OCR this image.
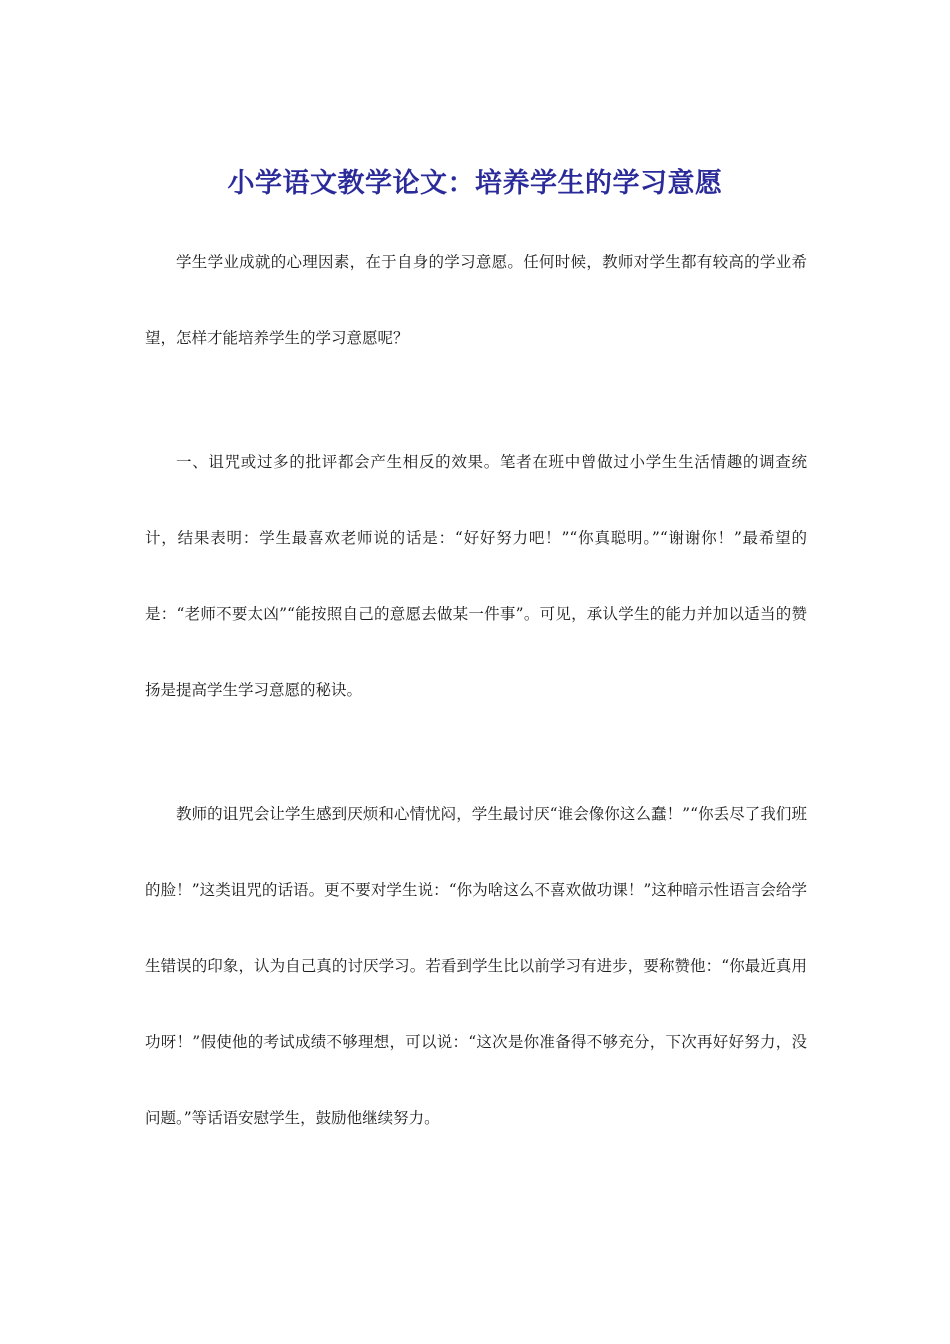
小学语文教学论文：培养学生的学习意愿

学生学业成就的心理因素，在于自身的学习意愿。任何时候，教师对学生都有较高的学业希望，怎样才能培养学生的学习意愿呢？

一、诅咒或过多的批评都会产生相反的效果。笔者在班中曾做过小学生生活情趣的调查统计，结果表明：学生最喜欢老师说的话是：“好好努力吧！”“你真聪明。”“谢谢你！”最希望的是：“老师不要太凶”“能按照自己的意愿去做某一件事”。可见，承认学生的能力并加以适当的赞扬是提高学生学习意愿的秘诀。

教师的诅咒会让学生感到厌烦和心情忧闷，学生最讨厌“谁会像你这么蠢！”“你丢尽了我们班的脸！”这类诅咒的话语。更不要对学生说：“你为啥这么不喜欢做功课！”这种暗示性语言会给学生错误的印象，认为自己真的讨厌学习。若看到学生比以前学习有进步，要称赞他：“你最近真用功呀！”假使他的考试成绩不够理想，可以说：“这次是你准备得不够充分，下次再好好努力，没问题。”等话语安慰学生，鼓励他继续努力。
